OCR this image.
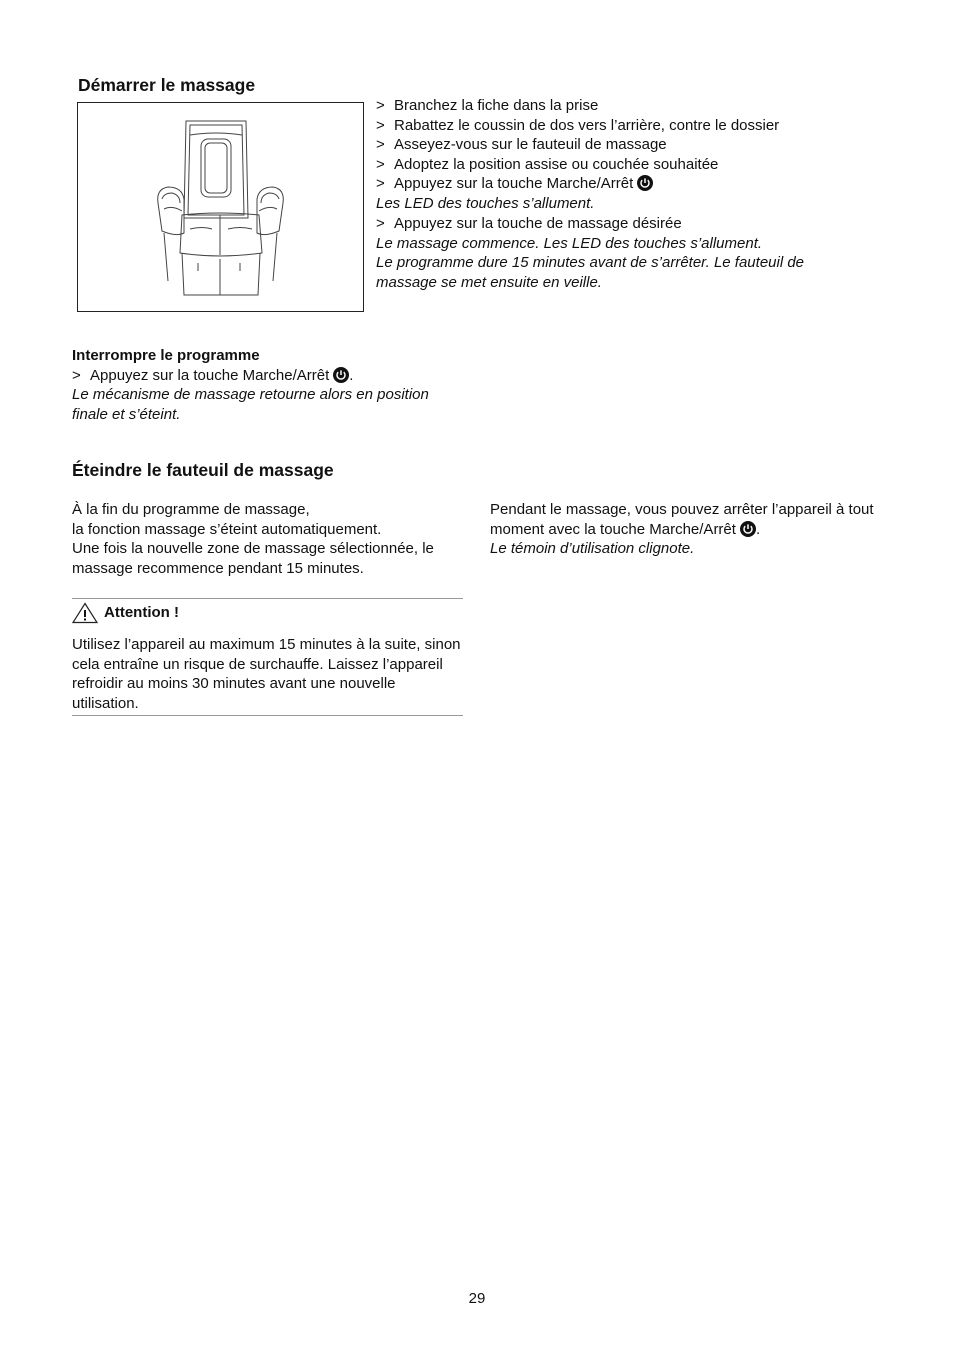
Démarrer le massage
> Branchez la fiche dans la prise
> Rabattez le coussin de dos vers l’arrière, contre le dossier
> Asseyez-vous sur le fauteuil de massage
> Adoptez la position assise ou couchée souhaitée
> Appuyez sur la touche Marche/Arrêt

Les LED des touches s’allument.

> Appuyez sur la touche de massage désirée

Le massage commence. Les LED des touches s’allument.

Le programme dure 15 minutes avant de s’arrêter. Le fauteuil de massage se met ensuite en veille.

Interrompre le programme
> Appuyez sur la touche Marche/Arrêt .

Le mécanisme de massage retourne alors en position finale et s’éteint.

Éteindre le fauteuil de massage

À la fin du programme de massage,

la fonction massage s’éteint automatiquement.

Une fois la nouvelle zone de massage sélectionnée, le massage recommence pendant 15 minutes.

Pendant le massage, vous pouvez arrêter l’appareil à tout moment avec la touche Marche/Arrêt .

Le témoin d’utilisation clignote.

Attention !

Utilisez l’appareil au maximum 15 minutes à la suite, sinon cela entraîne un risque de surchauffe. Laissez l’appareil refroidir au moins 30 minutes avant une nouvelle utilisation.

29
